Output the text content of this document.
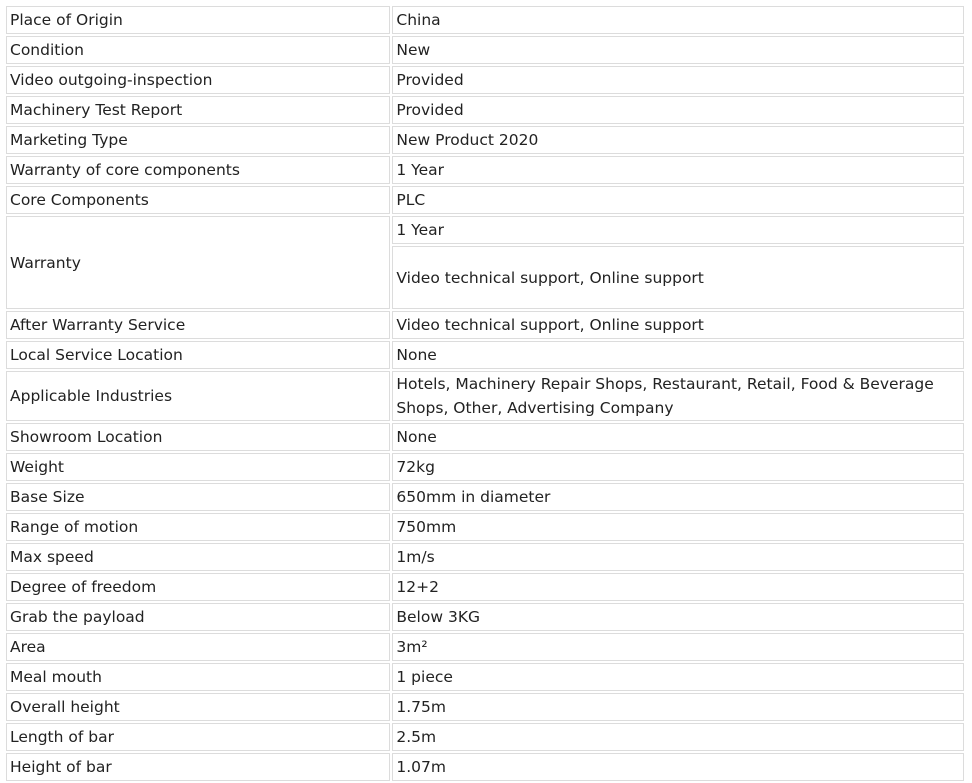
Place of Origin	China
Condition	New
Video outgoing-inspection	Provided
Machinery Test Report	Provided
Marketing Type	New Product 2020
Warranty of core components	1 Year
Core Components	PLC
Warranty	1 Year
	Video technical support, Online support
After Warranty Service	Video technical support, Online support
Local Service Location	None
Applicable Industries	Hotels, Machinery Repair Shops, Restaurant, Retail, Food & Beverage Shops, Other, Advertising Company
Showroom Location	None
Weight	72kg
Base Size	650mm in diameter
Range of motion	750mm
Max speed	1m/s
Degree of freedom	12+2
Grab the payload	Below 3KG
Area	3m²
Meal mouth	1 piece
Overall height	1.75m
Length of bar	2.5m
Height of bar	1.07m
